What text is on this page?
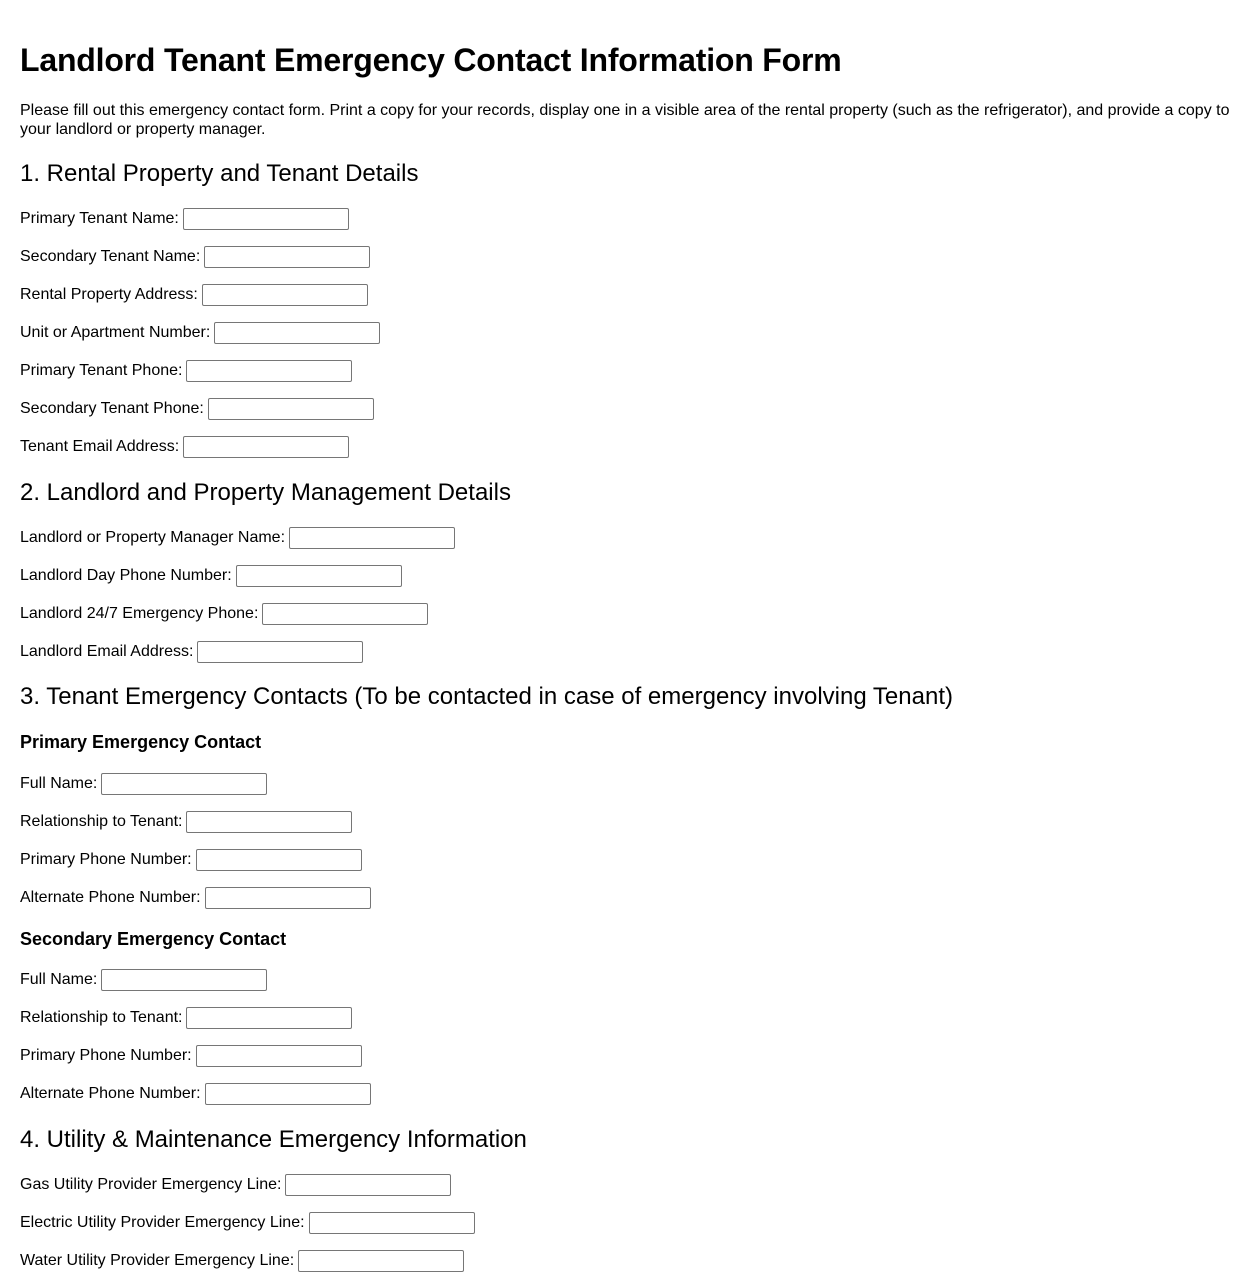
Landlord Tenant Emergency Contact Information Form

Please fill out this emergency contact form. Print a copy for your records, display one in a visible area of the rental property (such as the refrigerator), and provide a copy to your landlord or property manager.

1. Rental Property and Tenant Details
Primary Tenant Name:
Secondary Tenant Name:
Rental Property Address:
Unit or Apartment Number:
Primary Tenant Phone:
Secondary Tenant Phone:
Tenant Email Address:
2. Landlord and Property Management Details
Landlord or Property Manager Name:
Landlord Day Phone Number:
Landlord 24/7 Emergency Phone:
Landlord Email Address:
3. Tenant Emergency Contacts (To be contacted in case of emergency involving Tenant)
Primary Emergency Contact
Full Name:
Relationship to Tenant:
Primary Phone Number:
Alternate Phone Number:
Secondary Emergency Contact
Full Name:
Relationship to Tenant:
Primary Phone Number:
Alternate Phone Number:
4. Utility & Maintenance Emergency Information
Gas Utility Provider Emergency Line:
Electric Utility Provider Emergency Line:
Water Utility Provider Emergency Line:
